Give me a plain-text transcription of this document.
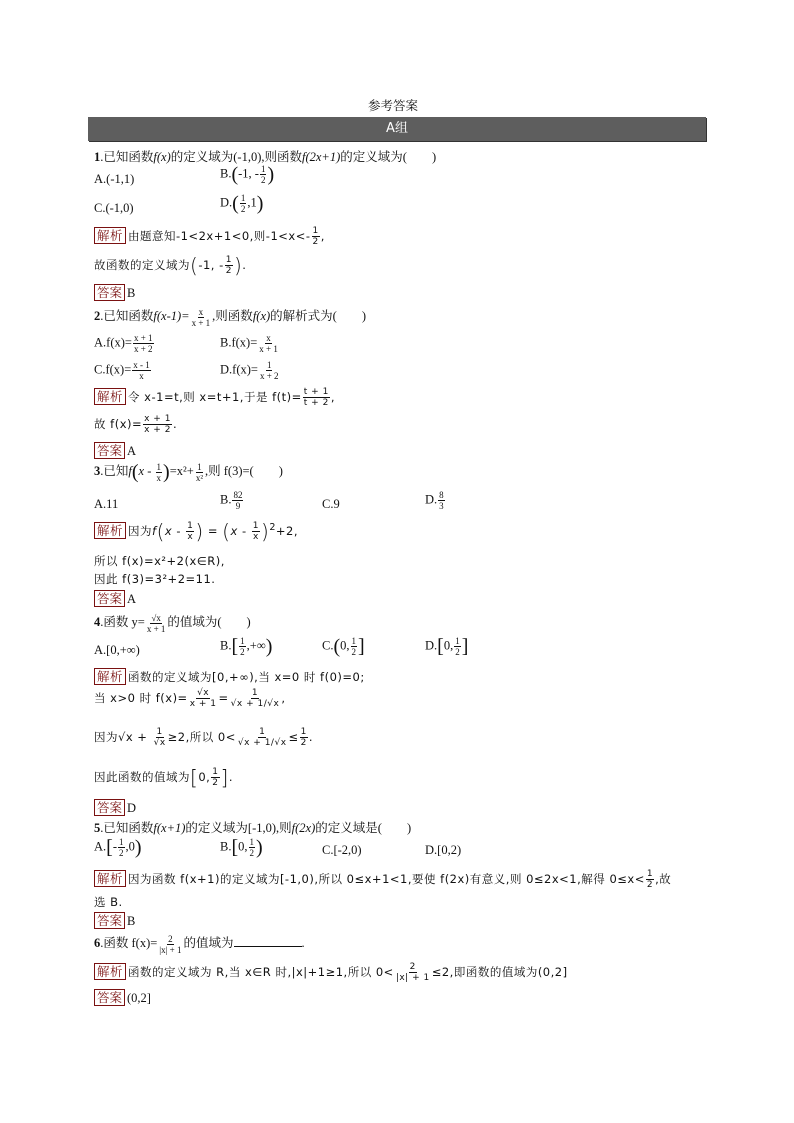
参考答案
A组
1.已知函数f(x)的定义域为(-1,0),则函数f(2x+1)的定义域为(　　)
A.(-1,1)	B.(-1, - $\frac{1}{2}$ )
C.(-1,0)	$D.( \frac{1}{2} ,1)$
解析 由题意知-1<2x+1<0,则$-1<x<- \frac{1}{2}$ ,
故函数的定义域为(-1, - $\frac{1}{2}$ ).
答案 B
2.已知函数$f(x-1)= \frac{x}{x + 1}$ ,则函数f(x)的解析式为(　　)
$A.f(x)= \frac{x + 1}{x + 2}$	$B.f(x)= \frac{x}{x + 1}$
$C.f(x)= \frac{x - 1}{x}$	$D.f(x)= \frac{1}{x + 2}$
解析 令 x-1=t,则 x=t+1,于是 $f(t)= \frac{t + 1}{t + 2}$ ,
故 $f(x)= \frac{x + 1}{x + 2}$ .
答案 A
3.已知$f(x - \frac{1}{x} )=x^2+ \frac{1}{\text{x²}}$ ,则 f(3)=(　　)
A.11	B. $\frac{82}{9}$	C.9	D. $\frac{8}{3}$
解析 因为$f(x - \frac{1}{x}$ ) = $(x - \frac{1}{x} )^2+2$,
所以 f(x)=x²+2(x∈R),
因此 f(3)=3²+2=11.
答案 A
4.函数 $y= \frac{√x}{x + 1}$ 的值域为(　　)
A.[0,+∞)	$B.[ \frac{1}{2}$ ,+∞)	C.(0, $\frac{1}{2}$ ]	D.[0, $\frac{1}{2}$ ]
解析 函数的定义域为[0,+∞),当 x=0 时 f(0)=0;
当 x>0 时 $f(x)= \frac{√x}{x + 1} = \frac{1}{√x + 1/√x}$ ,
因为$√x + \frac{1}{√x} \ge 2$,所以 $0< \frac{1}{√x + 1/√x} \le \frac{1}{2}$ .
因此函数的值域为[0, $\frac{1}{2}$ ].
答案 D
5.已知函数f(x+1)的定义域为[-1,0),则f(2x)的定义域是(　　)
$A.[- \frac{1}{2} ,0)$	B.[0, $\frac{1}{2}$ )	C.[-2,0)	D.[0,2)
解析 因为函数 f(x+1)的定义域为[-1,0),所以 0≤x+1<1,要使 f(2x)有意义,则 0≤2x<1,解得 $0\le x< \frac{1}{2}$ ,故
选 B.
答案 B
6.函数 $f(x)= \frac{2}{|x| + 1}$ 的值域为	.
解析 函数的定义域为 R,当 x∈R 时,|x|+1≥1,所以 $0< \frac{2}{|x| + 1} \le 2$,即函数的值域为(0,2]
答案 (0,2]
